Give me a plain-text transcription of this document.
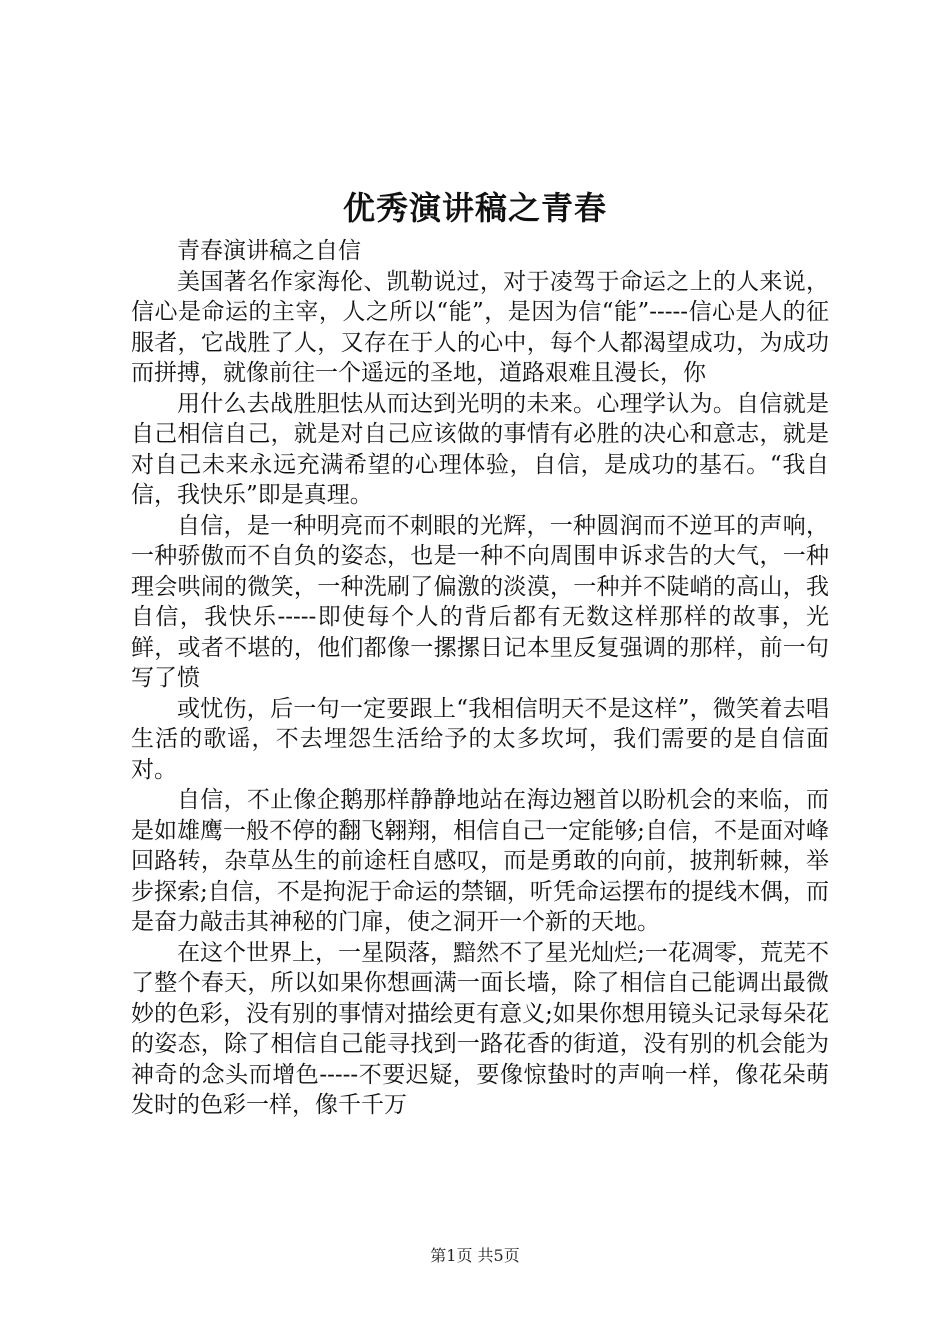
优秀演讲稿之青春

青春演讲稿之自信

美国著名作家海伦、凯勒说过，对于凌驾于命运之上的人来说，信心是命运的主宰，人之所以“能”，是因为信“能”-----信心是人的征服者，它战胜了人，又存在于人的心中，每个人都渴望成功，为成功而拼搏，就像前往一个遥远的圣地，道路艰难且漫长，你

用什么去战胜胆怯从而达到光明的未来。心理学认为。自信就是自己相信自己，就是对自己应该做的事情有必胜的决心和意志，就是对自己未来永远充满希望的心理体验，自信，是成功的基石。“我自信，我快乐”即是真理。

自信，是一种明亮而不刺眼的光辉，一种圆润而不逆耳的声响，一种骄傲而不自负的姿态，也是一种不向周围申诉求告的大气，一种理会哄闹的微笑，一种洗刷了偏激的淡漠，一种并不陡峭的高山，我自信，我快乐-----即使每个人的背后都有无数这样那样的故事，光鲜，或者不堪的，他们都像一摞摞日记本里反复强调的那样，前一句写了愤

或忧伤，后一句一定要跟上“我相信明天不是这样”，微笑着去唱生活的歌谣，不去埋怨生活给予的太多坎坷，我们需要的是自信面对。

自信，不止像企鹅那样静静地站在海边翘首以盼机会的来临，而是如雄鹰一般不停的翻飞翱翔，相信自己一定能够;自信，不是面对峰回路转，杂草丛生的前途枉自感叹，而是勇敢的向前，披荆斩棘，举步探索;自信，不是拘泥于命运的禁锢，听凭命运摆布的提线木偶，而是奋力敲击其神秘的门扉，使之洞开一个新的天地。

在这个世界上，一星陨落，黯然不了星光灿烂;一花凋零，荒芜不了整个春天，所以如果你想画满一面长墙，除了相信自己能调出最微妙的色彩，没有别的事情对描绘更有意义;如果你想用镜头记录每朵花的姿态，除了相信自己能寻找到一路花香的街道，没有别的机会能为神奇的念头而增色-----不要迟疑，要像惊蛰时的声响一样，像花朵萌发时的色彩一样，像千千万

第1页 共5页
